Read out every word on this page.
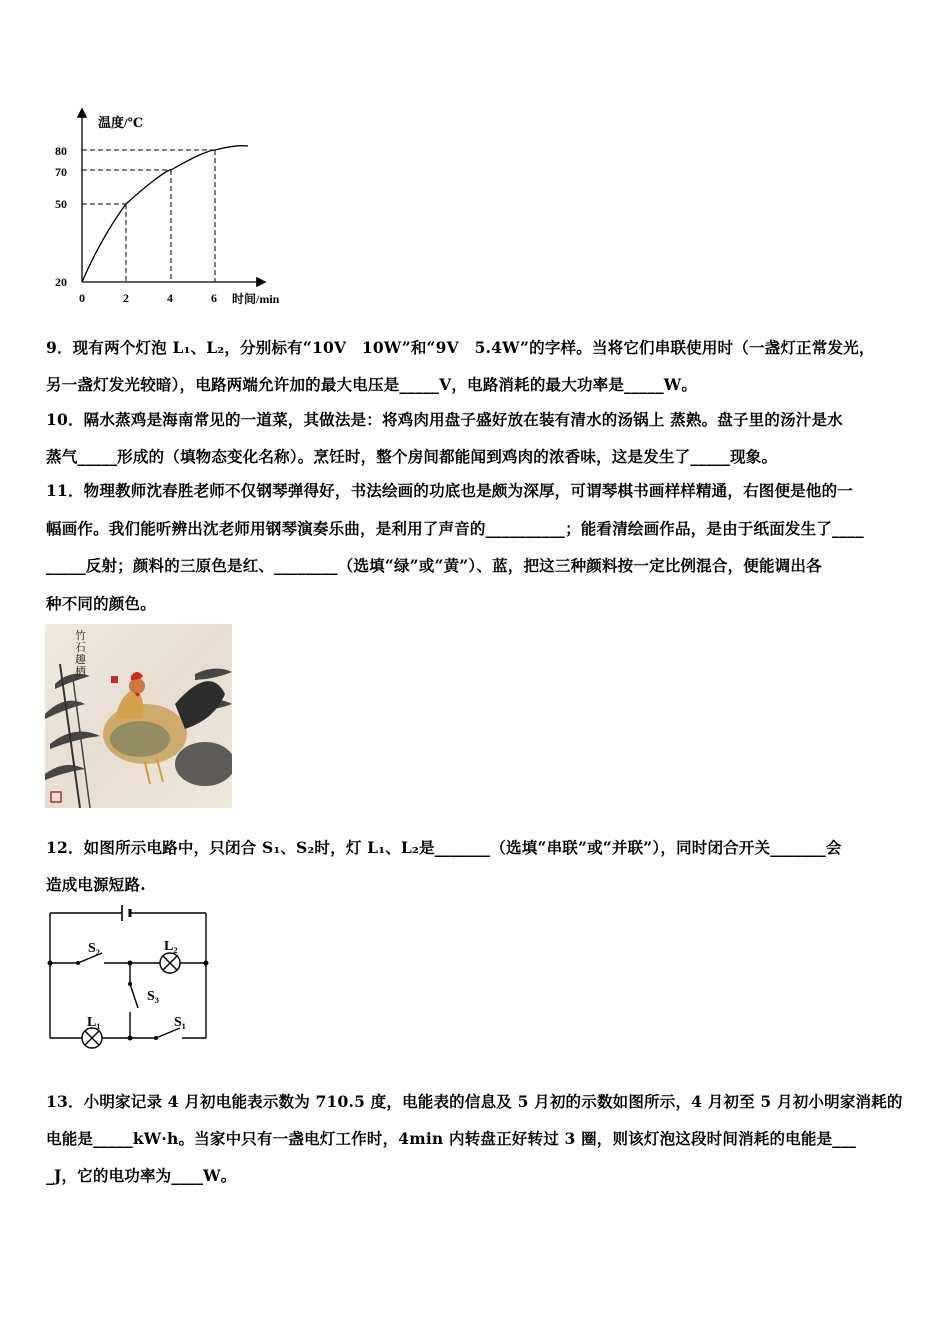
温度/℃
80
70
50
20
0	2	4	6 时间/min
9．现有两个灯泡 L₁、L₂，分别标有“10V　10W”和“9V　5.4W”的字样。当将它们串联使用时（一盏灯正常发光，
另一盏灯发光较暗），电路两端允许加的最大电压是_____V，电路消耗的最大功率是_____W。
10．隔水蒸鸡是海南常见的一道菜，其做法是：将鸡肉用盘子盛好放在装有清水的汤锅上 蒸熟。盘子里的汤汁是水
蒸气_____形成的（填物态变化名称）。烹饪时，整个房间都能闻到鸡肉的浓香味，这是发生了_____现象。
11．物理教师沈春胜老师不仅钢琴弹得好，书法绘画的功底也是颇为深厚，可谓琴棋书画样样精通，右图便是他的一
幅画作。我们能听辨出沈老师用钢琴演奏乐曲，是利用了声音的__________；能看清绘画作品，是由于纸面发生了____
_____反射；颜料的三原色是红、________（选填“绿”或“黄”）、蓝，把这三种颜料按一定比例混合，便能调出各
种不同的颜色。
竹
石
趣
栖
12．如图所示电路中，只闭合 S₁、S₂时，灯 L₁、L₂是_______（选填“串联”或“并联”），同时闭合开关_______会
造成电源短路.
S₂	L₂
S₃
L₁	S₁
13．小明家记录 4 月初电能表示数为 710.5 度，电能表的信息及 5 月初的示数如图所示，4 月初至 5 月初小明家消耗的
电能是_____kW·h。当家中只有一盏电灯工作时，4min 内转盘正好转过 3 圈，则该灯泡这段时间消耗的电能是___
_J，它的电功率为____W。
